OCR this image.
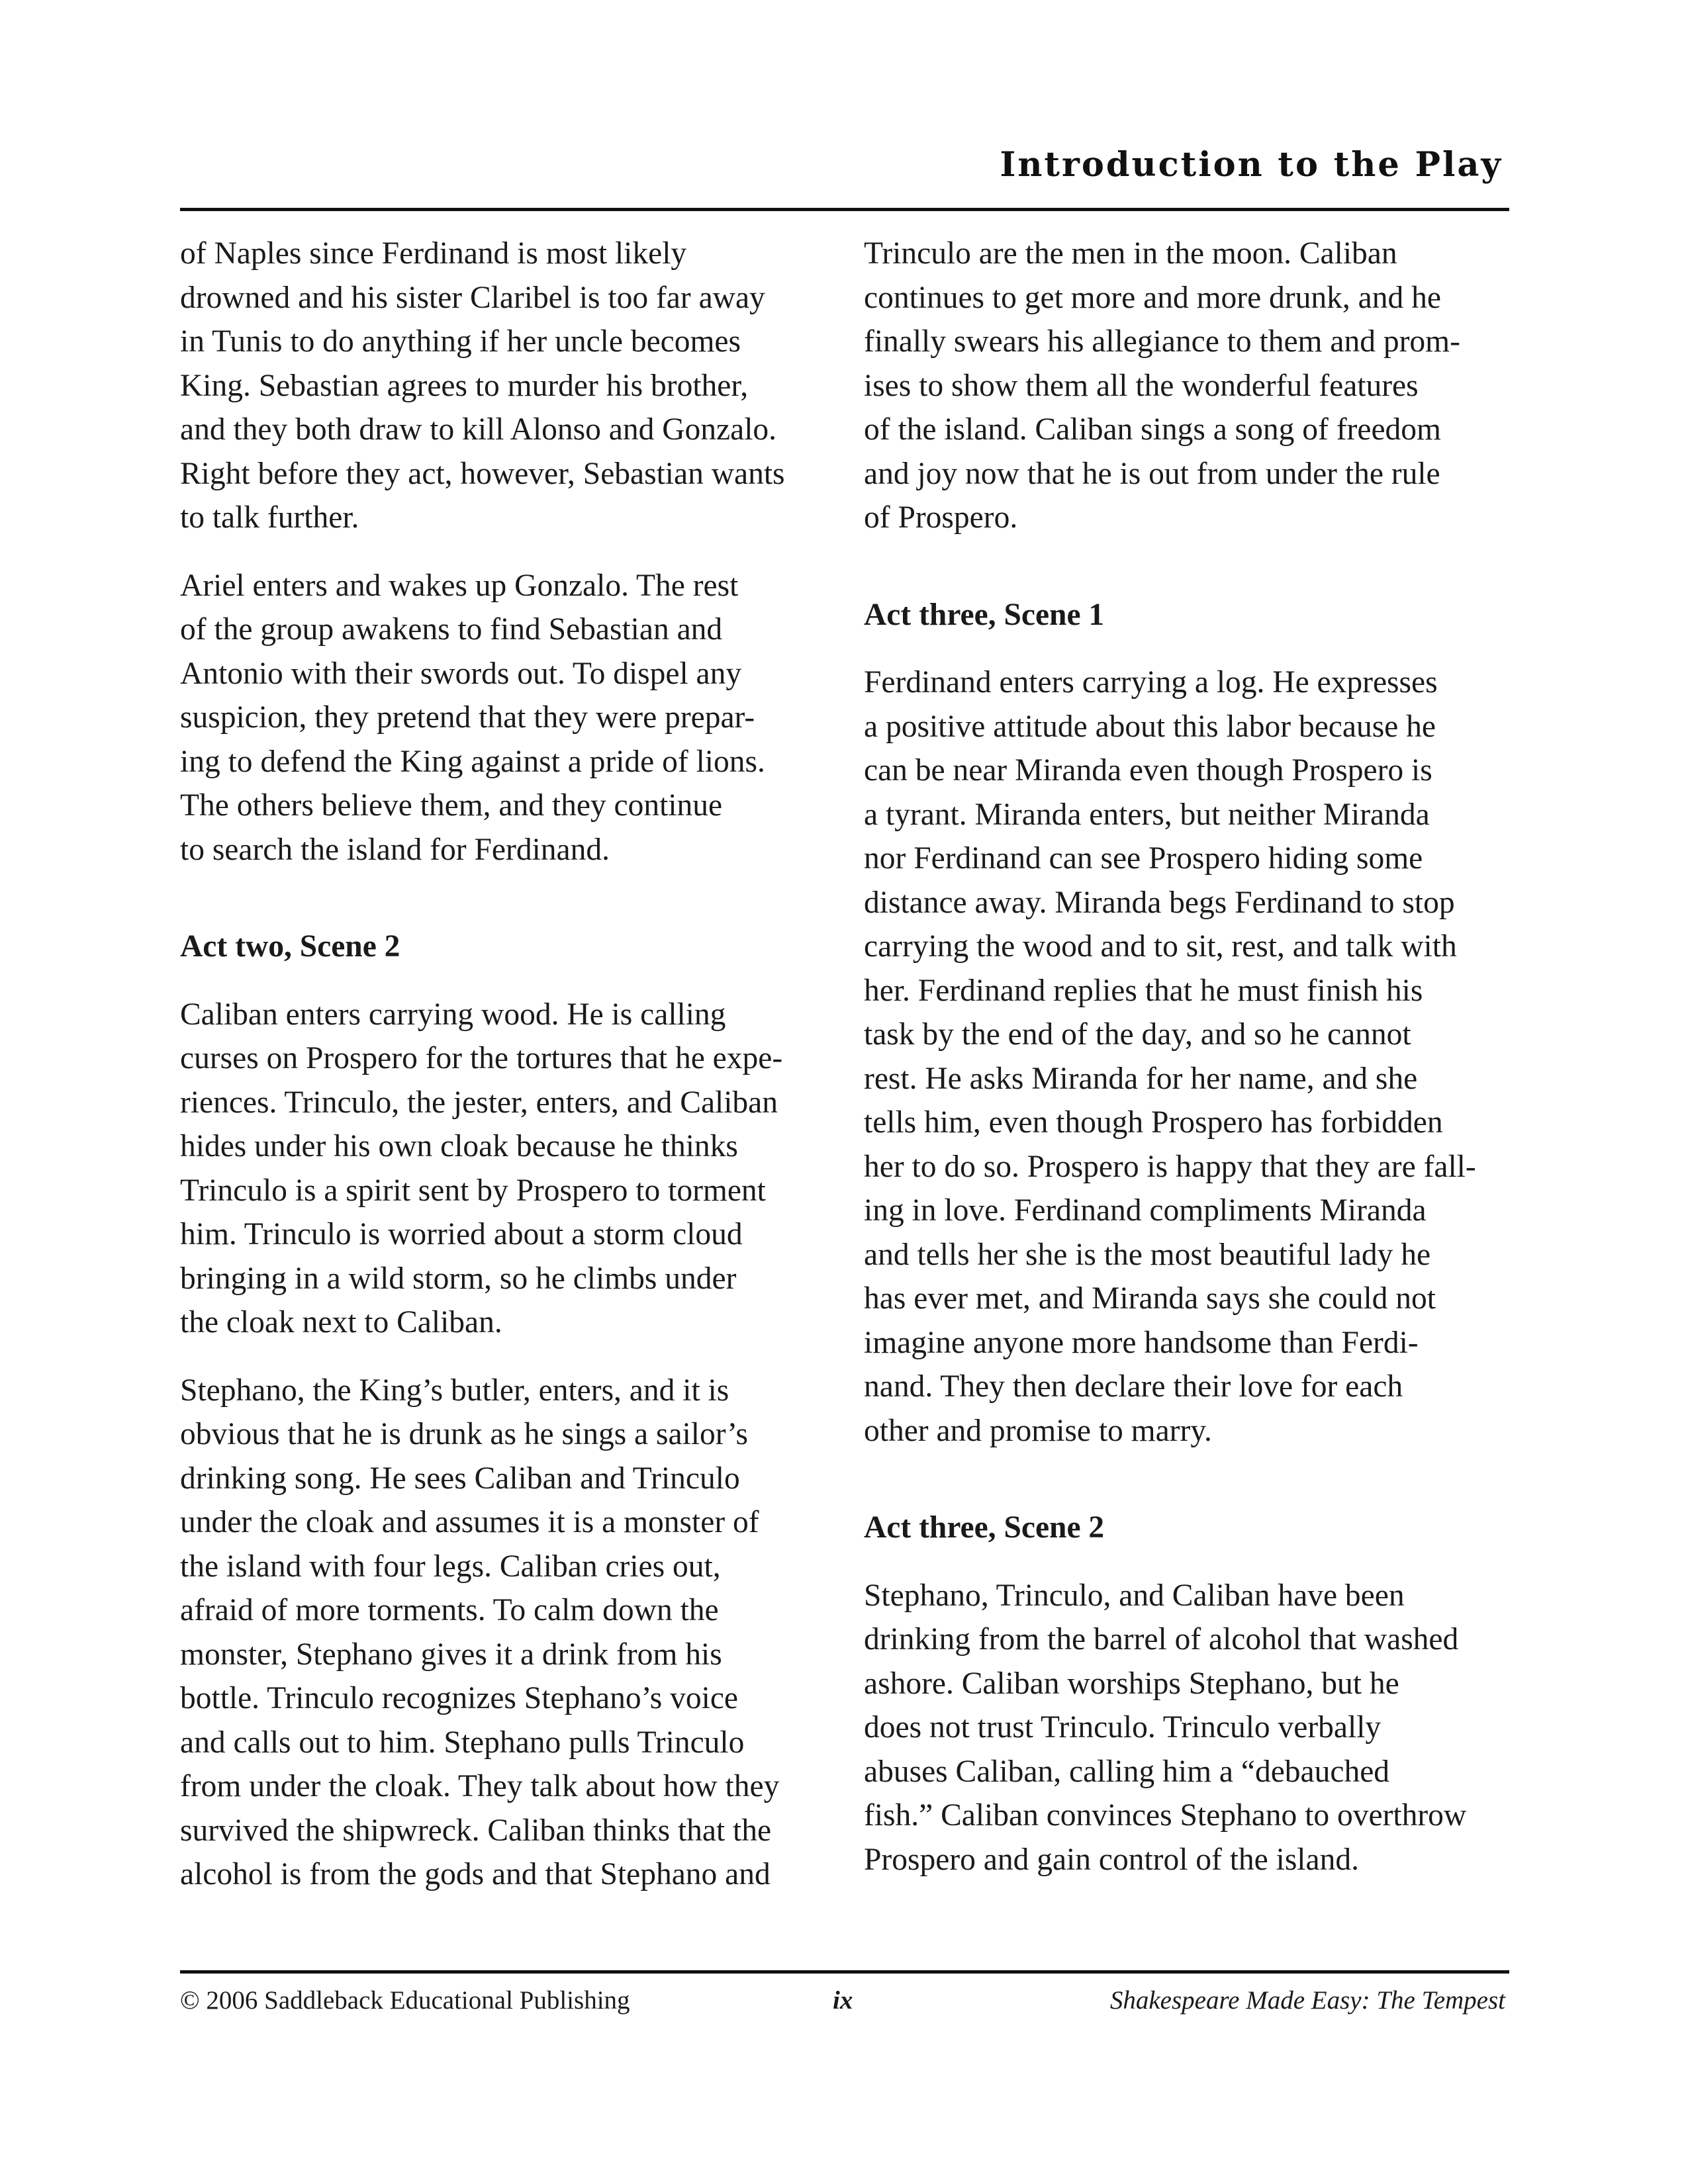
Introduction to the Play

of Naples since Ferdinand is most likely
drowned and his sister Claribel is too far away
in Tunis to do anything if her uncle becomes
King. Sebastian agrees to murder his brother,
and they both draw to kill Alonso and Gonzalo.
Right before they act, however, Sebastian wants
to talk further.

Ariel enters and wakes up Gonzalo. The rest
of the group awakens to find Sebastian and
Antonio with their swords out. To dispel any
suspicion, they pretend that they were prepar-
ing to defend the King against a pride of lions.
The others believe them, and they continue
to search the island for Ferdinand.

Act two, Scene 2

Caliban enters carrying wood. He is calling
curses on Prospero for the tortures that he expe-
riences. Trinculo, the jester, enters, and Caliban
hides under his own cloak because he thinks
Trinculo is a spirit sent by Prospero to torment
him. Trinculo is worried about a storm cloud
bringing in a wild storm, so he climbs under
the cloak next to Caliban.

Stephano, the King’s butler, enters, and it is
obvious that he is drunk as he sings a sailor’s
drinking song. He sees Caliban and Trinculo
under the cloak and assumes it is a monster of
the island with four legs. Caliban cries out,
afraid of more torments. To calm down the
monster, Stephano gives it a drink from his
bottle. Trinculo recognizes Stephano’s voice
and calls out to him. Stephano pulls Trinculo
from under the cloak. They talk about how they
survived the shipwreck. Caliban thinks that the
alcohol is from the gods and that Stephano and

Trinculo are the men in the moon. Caliban
continues to get more and more drunk, and he
finally swears his allegiance to them and prom-
ises to show them all the wonderful features
of the island. Caliban sings a song of freedom
and joy now that he is out from under the rule
of Prospero.

Act three, Scene 1

Ferdinand enters carrying a log. He expresses
a positive attitude about this labor because he
can be near Miranda even though Prospero is
a tyrant. Miranda enters, but neither Miranda
nor Ferdinand can see Prospero hiding some
distance away. Miranda begs Ferdinand to stop
carrying the wood and to sit, rest, and talk with
her. Ferdinand replies that he must finish his
task by the end of the day, and so he cannot
rest. He asks Miranda for her name, and she
tells him, even though Prospero has forbidden
her to do so. Prospero is happy that they are fall-
ing in love. Ferdinand compliments Miranda
and tells her she is the most beautiful lady he
has ever met, and Miranda says she could not
imagine anyone more handsome than Ferdi-
nand. They then declare their love for each
other and promise to marry.

Act three, Scene 2

Stephano, Trinculo, and Caliban have been
drinking from the barrel of alcohol that washed
ashore. Caliban worships Stephano, but he
does not trust Trinculo. Trinculo verbally
abuses Caliban, calling him a “debauched
fish.” Caliban convinces Stephano to overthrow
Prospero and gain control of the island.

© 2006 Saddleback Educational Publishing	ix	Shakespeare Made Easy: The Tempest
